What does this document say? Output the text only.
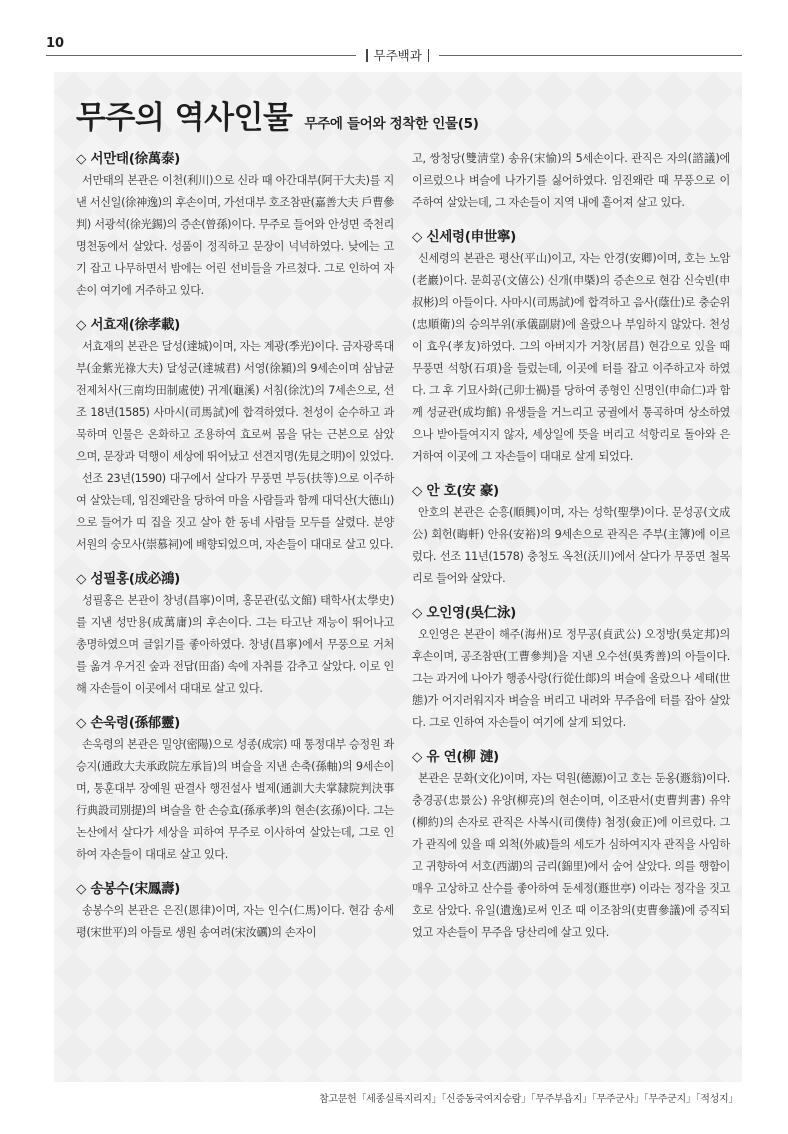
10
무주백과
무주의 역사인물 무주에 들어와 정착한 인물(5)
◇ 서만태(徐萬泰)

서만태의 본관은 이천(利川)으로 신라 때 아간대부(阿干大夫)를 지낸 서신일(徐神逸)의 후손이며, 가선대부 호조참판(嘉善大夫 戶曹參判) 서광석(徐光錫)의 증손(曾孫)이다. 무주로 들어와 안성면 죽천리 명천동에서 살았다. 성품이 정직하고 문장이 넉넉하였다. 낮에는 고기 잡고 나무하면서 밤에는 어린 선비들을 가르쳤다. 그로 인하여 자손이 여기에 거주하고 있다.

◇ 서효재(徐孝載)

서효재의 본관은 달성(達城)이며, 자는 계광(季光)이다. 금자광록대부(金紫光祿大夫) 달성군(達城君) 서영(徐潁)의 9세손이며 삼남균전제처사(三南均田制處使) 귀계(龜溪) 서침(徐沈)의 7세손으로, 선조 18년(1585) 사마시(司馬試)에 합격하였다. 천성이 순수하고 과묵하며 인물은 온화하고 조용하여 효로써 몸을 닦는 근본으로 삼았으며, 문장과 덕행이 세상에 뛰어났고 선견지명(先見之明)이 있었다.

선조 23년(1590) 대구에서 살다가 무풍면 부등(扶等)으로 이주하여 살았는데, 임진왜란을 당하여 마을 사람들과 함께 대덕산(大德山)으로 들어가 띠 집을 짓고 살아 한 동네 사람들 모두를 살렸다. 분양서원의 숭모사(崇慕祠)에 배향되었으며, 자손들이 대대로 살고 있다.

◇ 성필홍(成必鴻)

성필홍은 본관이 창녕(昌寧)이며, 홍문관(弘文館) 태학사(太學史)를 지낸 성만용(成萬庸)의 후손이다. 그는 타고난 재능이 뛰어나고 총명하였으며 글읽기를 좋아하였다. 창녕(昌寧)에서 무풍으로 거처를 옮겨 우거진 숲과 전답(田畓) 속에 자취를 감추고 살았다. 이로 인해 자손들이 이곳에서 대대로 살고 있다.

◇ 손욱령(孫郁靈)

손욱령의 본관은 밀양(密陽)으로 성종(成宗) 때 통정대부 승정원 좌승지(通政大夫承政院左承旨)의 벼슬을 지낸 손축(孫軸)의 9세손이며, 통훈대부 장예원 판결사 행전설사 별제(通訓大夫掌隸院判決事行典設司別提)의 벼슬을 한 손승효(孫承孝)의 현손(玄孫)이다. 그는 논산에서 살다가 세상을 피하여 무주로 이사하여 살았는데, 그로 인하여 자손들이 대대로 살고 있다.

◇ 송봉수(宋鳳壽)

송봉수의 본관은 은진(恩律)이며, 자는 인수(仁馬)이다. 현감 송세평(宋世平)의 아들로 생원 송여려(宋汝礪)의 손자이

고, 쌍청당(雙淸堂) 송유(宋愉)의 5세손이다. 관직은 자의(諮議)에 이르렀으나 벼슬에 나가기를 싫어하였다. 임진왜란 때 무풍으로 이주하여 살았는데, 그 자손들이 지역 내에 흩어져 살고 있다.

◇ 신세령(申世寧)

신세령의 본관은 평산(平山)이고, 자는 안경(安卿)이며, 호는 노암(老巖)이다. 문희공(文僖公) 신개(申槩)의 증손으로 현감 신숙빈(申叔彬)의 아들이다. 사마시(司馬試)에 합격하고 음사(蔭仕)로 충순위(忠順衛)의 승의부위(承儀副尉)에 올랐으나 부임하지 않았다. 천성이 효우(孝友)하였다. 그의 아버지가 거창(居昌) 현감으로 있을 때 무풍면 석항(石項)을 들렀는데, 이곳에 터를 잡고 이주하고자 하였다. 그 후 기묘사화(己卯士禍)를 당하여 종형인 신명인(申命仁)과 함께 성균관(成均館) 유생들을 거느리고 궁궐에서 통곡하며 상소하였으나 받아들여지지 않자, 세상일에 뜻을 버리고 석항리로 돌아와 은거하여 이곳에 그 자손들이 대대로 살게 되었다.

◇ 안 호(安 豪)

안호의 본관은 순흥(順興)이며, 자는 성학(聖學)이다. 문성공(文成公) 회헌(晦軒) 안유(安裕)의 9세손으로 관직은 주부(主簿)에 이르렀다. 선조 11년(1578) 충청도 옥천(沃川)에서 살다가 무풍면 철목리로 들어와 살았다.

◇ 오인영(吳仁泳)

오인영은 본관이 해주(海州)로 정무공(貞武公) 오정방(吳定邦)의 후손이며, 공조참판(工曹參判)을 지낸 오수선(吳秀善)의 아들이다. 그는 과거에 나아가 행종사랑(行從仕郞)의 벼슬에 올랐으나 세태(世態)가 어지러워지자 벼슬을 버리고 내려와 무주읍에 터를 잡아 살았다. 그로 인하여 자손들이 여기에 살게 되었다.

◇ 유 연(柳 漣)

본관은 문화(文化)이며, 자는 덕원(德源)이고 호는 둔옹(遯翁)이다. 충경공(忠景公) 유양(柳亮)의 현손이며, 이조판서(吏曹判書) 유약(柳約)의 손자로 관직은 사복시(司僕侍) 첨정(僉正)에 이르렀다. 그가 관직에 있을 때 외척(外戚)들의 세도가 심하여지자 관직을 사임하고 귀향하여 서호(西湖)의 금리(錦里)에서 숨어 살았다. 의를 행함이 매우 고상하고 산수를 좋아하여 둔세정(遯世亭) 이라는 정각을 짓고 호로 삼았다. 유일(遺逸)로써 인조 때 이조참의(吏曹參議)에 증직되었고 자손들이 무주읍 당산리에 살고 있다.

참고문헌「세종실록지리지」「신증동국여지승람」「무주부읍지」「무주군사」「무주군지」「적성지」
